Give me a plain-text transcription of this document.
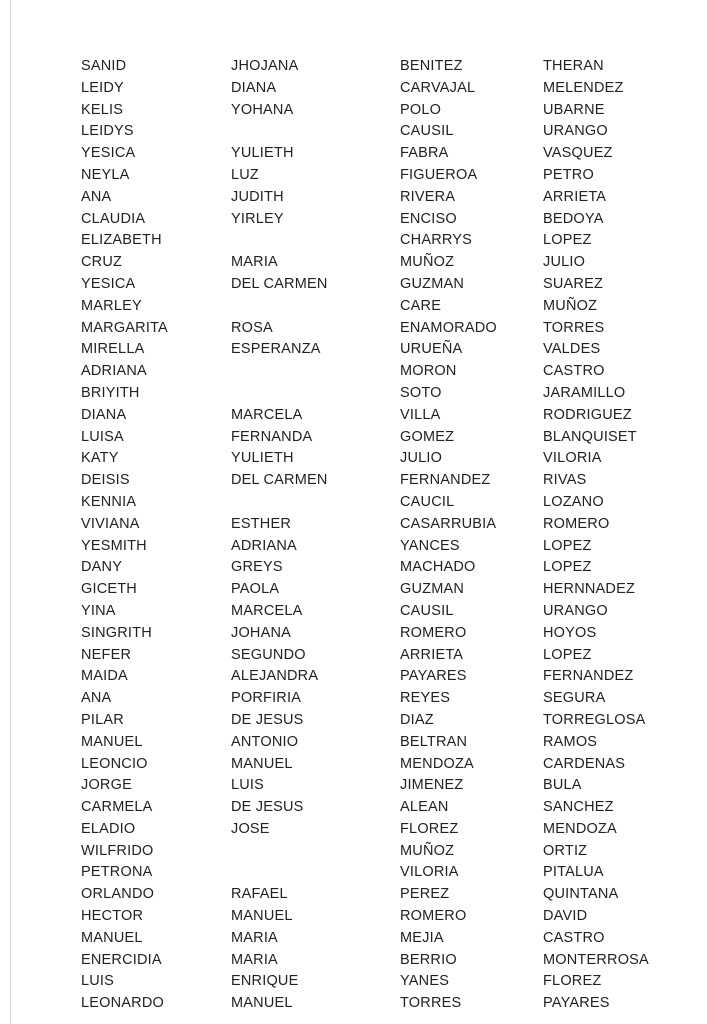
SANID	JHOJANA	BENITEZ	THERAN
LEIDY	DIANA	CARVAJAL	MELENDEZ
KELIS	YOHANA	POLO	UBARNE
LEIDYS		CAUSIL	URANGO
YESICA	YULIETH	FABRA	VASQUEZ
NEYLA	LUZ	FIGUEROA	PETRO
ANA	JUDITH	RIVERA	ARRIETA
CLAUDIA	YIRLEY	ENCISO	BEDOYA
ELIZABETH		CHARRYS	LOPEZ
CRUZ	MARIA	MUÑOZ	JULIO
YESICA	DEL CARMEN	GUZMAN	SUAREZ
MARLEY		CARE	MUÑOZ
MARGARITA	ROSA	ENAMORADO	TORRES
MIRELLA	ESPERANZA	URUEÑA	VALDES
ADRIANA		MORON	CASTRO
BRIYITH		SOTO	JARAMILLO
DIANA	MARCELA	VILLA	RODRIGUEZ
LUISA	FERNANDA	GOMEZ	BLANQUISET
KATY	YULIETH	JULIO	VILORIA
DEISIS	DEL CARMEN	FERNANDEZ	RIVAS
KENNIA		CAUCIL	LOZANO
VIVIANA	ESTHER	CASARRUBIA	ROMERO
YESMITH	ADRIANA	YANCES	LOPEZ
DANY	GREYS	MACHADO	LOPEZ
GICETH	PAOLA	GUZMAN	HERNNADEZ
YINA	MARCELA	CAUSIL	URANGO
SINGRITH	JOHANA	ROMERO	HOYOS
NEFER	SEGUNDO	ARRIETA	LOPEZ
MAIDA	ALEJANDRA	PAYARES	FERNANDEZ
ANA	PORFIRIA	REYES	SEGURA
PILAR	DE JESUS	DIAZ	TORREGLOSA
MANUEL	ANTONIO	BELTRAN	RAMOS
LEONCIO	MANUEL	MENDOZA	CARDENAS
JORGE	LUIS	JIMENEZ	BULA
CARMELA	DE JESUS	ALEAN	SANCHEZ
ELADIO	JOSE	FLOREZ	MENDOZA
WILFRIDO		MUÑOZ	ORTIZ
PETRONA		VILORIA	PITALUA
ORLANDO	RAFAEL	PEREZ	QUINTANA
HECTOR	MANUEL	ROMERO	DAVID
MANUEL	MARIA	MEJIA	CASTRO
ENERCIDIA	MARIA	BERRIO	MONTERROSA
LUIS	ENRIQUE	YANES	FLOREZ
LEONARDO	MANUEL	TORRES	PAYARES
